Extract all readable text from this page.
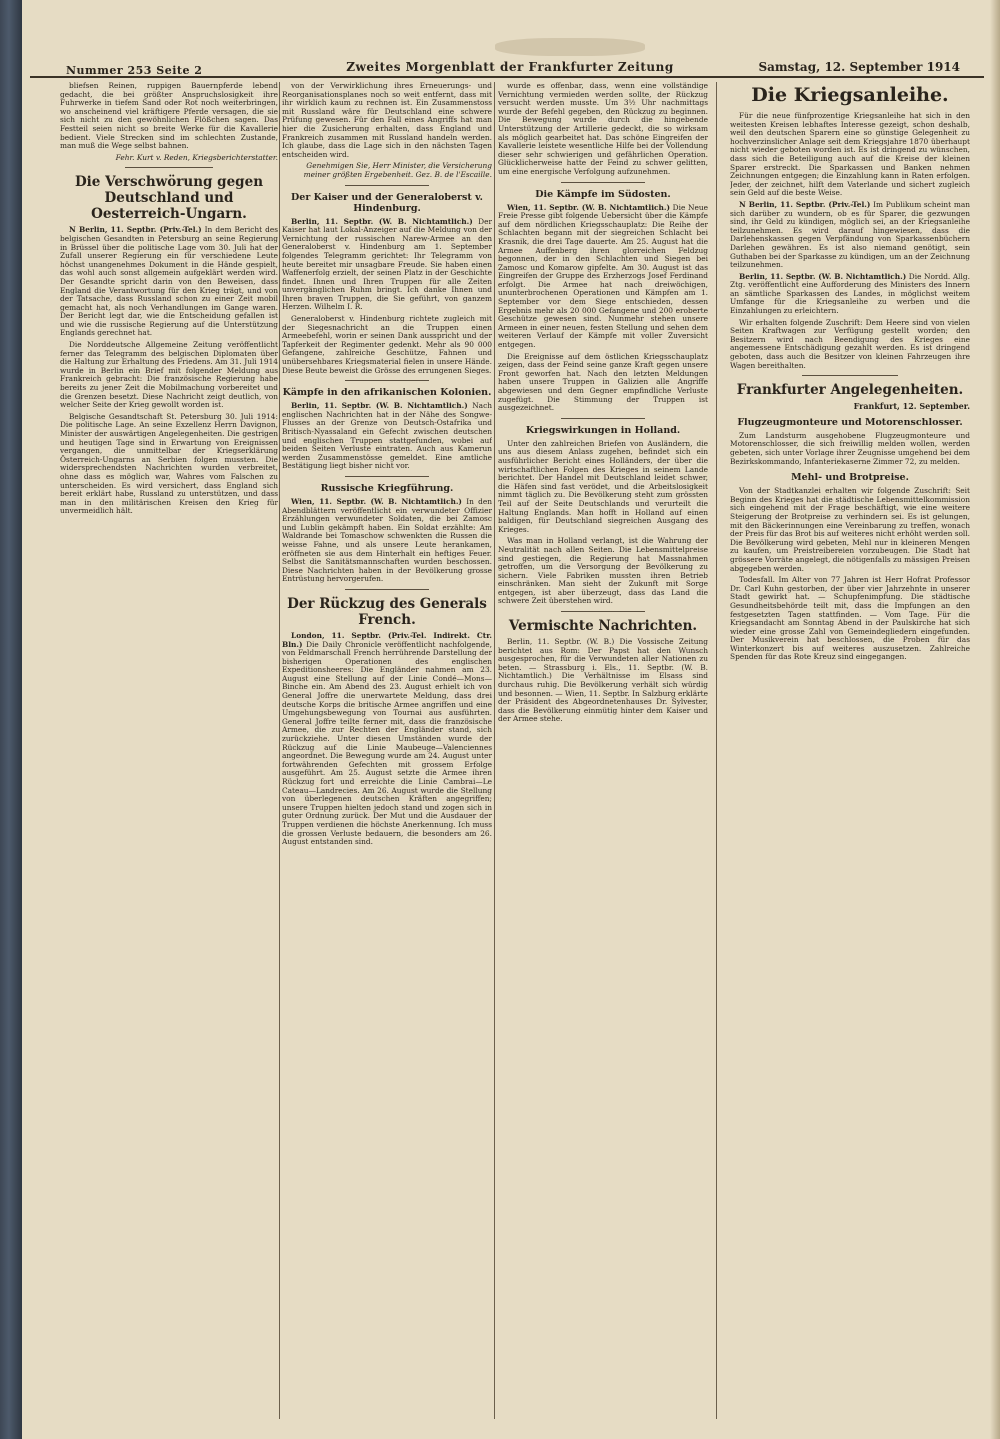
Nummer 253 Seite 2	Zweites Morgenblatt der Frankfurter Zeitung	Samstag, 12. September 1914

bliefsen Reinen, ruppigen Bauernpferde lebend gedacht, die bei größter Anspruchslosigkeit ihre Fuhrwerke in tiefem Sand oder Rot noch weiterbringen, wo anscheinend viel kräftigere Pferde versagen, die sie sich nicht zu den gewöhnlichen Flößchen sagen. Das Festteil seien nicht so breite Werke für die Kavallerie bedient. Viele Strecken sind im schlechten Zustande, man muß die Wege selbst bahnen.

Fehr. Kurt v. Reden, Kriegsberichterstatter.
Die Verschwörung gegen Deutschland und Oesterreich-Ungarn.

N Berlin, 11. Septbr. (Priv.-Tel.) In dem Bericht des belgischen Gesandten in Petersburg an seine Regierung in Brüssel über die politische Lage vom 30. Juli hat der Zufall unserer Regierung ein für verschiedene Leute höchst unangenehmes Dokument in die Hände gespielt, das wohl auch sonst allgemein aufgeklärt werden wird. Der Gesandte spricht darin von den Beweisen, dass England die Verantwortung für den Krieg trägt, und von der Tatsache, dass Russland schon zu einer Zeit mobil gemacht hat, als noch Verhandlungen im Gange waren. Der Bericht legt dar, wie die Entscheidung gefallen ist und wie die russische Regierung auf die Unterstützung Englands gerechnet hat.

Die Norddeutsche Allgemeine Zeitung veröffentlicht ferner das Telegramm des belgischen Diplomaten über die Haltung zur Erhaltung des Friedens. Am 31. Juli 1914 wurde in Berlin ein Brief mit folgender Meldung aus Frankreich gebracht: Die französische Regierung habe bereits zu jener Zeit die Mobilmachung vorbereitet und die Grenzen besetzt. Diese Nachricht zeigt deutlich, von welcher Seite der Krieg gewollt worden ist.

Belgische Gesandtschaft St. Petersburg 30. Juli 1914: Die politische Lage. An seine Exzellenz Herrn Davignon, Minister der auswärtigen Angelegenheiten. Die gestrigen und heutigen Tage sind in Erwartung von Ereignissen vergangen, die unmittelbar der Kriegserklärung Österreich-Ungarns an Serbien folgen mussten. Die widersprechendsten Nachrichten wurden verbreitet, ohne dass es möglich war, Wahres vom Falschen zu unterscheiden. Es wird versichert, dass England sich bereit erklärt habe, Russland zu unterstützen, und dass man in den militärischen Kreisen den Krieg für unvermeidlich hält.

von der Verwirklichung ihres Erneuerungs- und Reorganisationsplanes noch so weit entfernt, dass mit ihr wirklich kaum zu rechnen ist. Ein Zusammenstoss mit Russland wäre für Deutschland eine schwere Prüfung gewesen. Für den Fall eines Angriffs hat man hier die Zusicherung erhalten, dass England und Frankreich zusammen mit Russland handeln werden. Ich glaube, dass die Lage sich in den nächsten Tagen entscheiden wird.

Genehmigen Sie, Herr Minister, die Versicherung meiner größten Ergebenheit. Gez. B. de l'Escaille.
Der Kaiser und der Generaloberst v. Hindenburg.

Berlin, 11. Septbr. (W. B. Nichtamtlich.) Der Kaiser hat laut Lokal-Anzeiger auf die Meldung von der Vernichtung der russischen Narew-Armee an den Generaloberst v. Hindenburg am 1. September folgendes Telegramm gerichtet: Ihr Telegramm von heute bereitet mir unsagbare Freude. Sie haben einen Waffenerfolg erzielt, der seinen Platz in der Geschichte findet. Ihnen und Ihren Truppen für alle Zeiten unvergänglichen Ruhm bringt. Ich danke Ihnen und Ihren braven Truppen, die Sie geführt, von ganzem Herzen. Wilhelm I. R.

Generaloberst v. Hindenburg richtete zugleich mit der Siegesnachricht an die Truppen einen Armeebefehl, worin er seinen Dank ausspricht und der Tapferkeit der Regimenter gedenkt. Mehr als 90 000 Gefangene, zahlreiche Geschütze, Fahnen und unübersehbares Kriegsmaterial fielen in unsere Hände. Diese Beute beweist die Grösse des errungenen Sieges.

Kämpfe in den afrikanischen Kolonien.

Berlin, 11. Septbr. (W. B. Nichtamtlich.) Nach englischen Nachrichten hat in der Nähe des Songwe-Flusses an der Grenze von Deutsch-Ostafrika und Britisch-Nyassaland ein Gefecht zwischen deutschen und englischen Truppen stattgefunden, wobei auf beiden Seiten Verluste eintraten. Auch aus Kamerun werden Zusammenstösse gemeldet. Eine amtliche Bestätigung liegt bisher nicht vor.

Russische Kriegführung.

Wien, 11. Septbr. (W. B. Nichtamtlich.) In den Abendblättern veröffentlicht ein verwundeter Offizier Erzählungen verwundeter Soldaten, die bei Zamosc und Lublin gekämpft haben. Ein Soldat erzählte: Am Waldrande bei Tomaschow schwenkten die Russen die weisse Fahne, und als unsere Leute herankamen, eröffneten sie aus dem Hinterhalt ein heftiges Feuer. Selbst die Sanitätsmannschaften wurden beschossen. Diese Nachrichten haben in der Bevölkerung grosse Entrüstung hervorgerufen.

Der Rückzug des Generals French.

London, 11. Septbr. (Priv.-Tel. Indirekt. Ctr. Bln.) Die Daily Chronicle veröffentlicht nachfolgende, von Feldmarschall French herrührende Darstellung der bisherigen Operationen des englischen Expeditionsheeres: Die Engländer nahmen am 23. August eine Stellung auf der Linie Condé—Mons—Binche ein. Am Abend des 23. August erhielt ich von General Joffre die unerwartete Meldung, dass drei deutsche Korps die britische Armee angriffen und eine Umgehungsbewegung von Tournai aus ausführten. General Joffre teilte ferner mit, dass die französische Armee, die zur Rechten der Engländer stand, sich zurückziehe. Unter diesen Umständen wurde der Rückzug auf die Linie Maubeuge—Valenciennes angeordnet. Die Bewegung wurde am 24. August unter fortwährenden Gefechten mit grossem Erfolge ausgeführt. Am 25. August setzte die Armee ihren Rückzug fort und erreichte die Linie Cambrai—Le Cateau—Landrecies. Am 26. August wurde die Stellung von überlegenen deutschen Kräften angegriffen; unsere Truppen hielten jedoch stand und zogen sich in guter Ordnung zurück. Der Mut und die Ausdauer der Truppen verdienen die höchste Anerkennung. Ich muss die grossen Verluste bedauern, die besonders am 26. August entstanden sind.

wurde es offenbar, dass, wenn eine vollständige Vernichtung vermieden werden sollte, der Rückzug versucht werden musste. Um 3½ Uhr nachmittags wurde der Befehl gegeben, den Rückzug zu beginnen. Die Bewegung wurde durch die hingebende Unterstützung der Artillerie gedeckt, die so wirksam als möglich gearbeitet hat. Das schöne Eingreifen der Kavallerie leistete wesentliche Hilfe bei der Vollendung dieser sehr schwierigen und gefährlichen Operation. Glücklicherweise hatte der Feind zu schwer gelitten, um eine energische Verfolgung aufzunehmen.

Die Kämpfe im Südosten.

Wien, 11. Septbr. (W. B. Nichtamtlich.) Die Neue Freie Presse gibt folgende Uebersicht über die Kämpfe auf dem nördlichen Kriegsschauplatz: Die Reihe der Schlachten begann mit der siegreichen Schlacht bei Krasnik, die drei Tage dauerte. Am 25. August hat die Armee Auffenberg ihren glorreichen Feldzug begonnen, der in den Schlachten und Siegen bei Zamosc und Komarow gipfelte. Am 30. August ist das Eingreifen der Gruppe des Erzherzogs Josef Ferdinand erfolgt. Die Armee hat nach dreiwöchigen, ununterbrochenen Operationen und Kämpfen am 1. September vor dem Siege entschieden, dessen Ergebnis mehr als 20 000 Gefangene und 200 eroberte Geschütze gewesen sind. Nunmehr stehen unsere Armeen in einer neuen, festen Stellung und sehen dem weiteren Verlauf der Kämpfe mit voller Zuversicht entgegen.

Die Ereignisse auf dem östlichen Kriegsschauplatz zeigen, dass der Feind seine ganze Kraft gegen unsere Front geworfen hat. Nach den letzten Meldungen haben unsere Truppen in Galizien alle Angriffe abgewiesen und dem Gegner empfindliche Verluste zugefügt. Die Stimmung der Truppen ist ausgezeichnet.

Kriegswirkungen in Holland.

Unter den zahlreichen Briefen von Ausländern, die uns aus diesem Anlass zugehen, befindet sich ein ausführlicher Bericht eines Holländers, der über die wirtschaftlichen Folgen des Krieges in seinem Lande berichtet. Der Handel mit Deutschland leidet schwer, die Häfen sind fast verödet, und die Arbeitslosigkeit nimmt täglich zu. Die Bevölkerung steht zum grössten Teil auf der Seite Deutschlands und verurteilt die Haltung Englands. Man hofft in Holland auf einen baldigen, für Deutschland siegreichen Ausgang des Krieges.

Was man in Holland verlangt, ist die Wahrung der Neutralität nach allen Seiten. Die Lebensmittelpreise sind gestiegen, die Regierung hat Massnahmen getroffen, um die Versorgung der Bevölkerung zu sichern. Viele Fabriken mussten ihren Betrieb einschränken. Man sieht der Zukunft mit Sorge entgegen, ist aber überzeugt, dass das Land die schwere Zeit überstehen wird.

Vermischte Nachrichten.

Berlin, 11. Septbr. (W. B.) Die Vossische Zeitung berichtet aus Rom: Der Papst hat den Wunsch ausgesprochen, für die Verwundeten aller Nationen zu beten. — Strassburg i. Els., 11. Septbr. (W. B. Nichtamtlich.) Die Verhältnisse im Elsass sind durchaus ruhig. Die Bevölkerung verhält sich würdig und besonnen. — Wien, 11. Septbr. In Salzburg erklärte der Präsident des Abgeordnetenhauses Dr. Sylvester, dass die Bevölkerung einmütig hinter dem Kaiser und der Armee stehe.

Die Kriegsanleihe.

Für die neue fünfprozentige Kriegsanleihe hat sich in den weitesten Kreisen lebhaftes Interesse gezeigt, schon deshalb, weil den deutschen Sparern eine so günstige Gelegenheit zu hochverzinslicher Anlage seit dem Kriegsjahre 1870 überhaupt nicht wieder geboten worden ist. Es ist dringend zu wünschen, dass sich die Beteiligung auch auf die Kreise der kleinen Sparer erstreckt. Die Sparkassen und Banken nehmen Zeichnungen entgegen; die Einzahlung kann in Raten erfolgen. Jeder, der zeichnet, hilft dem Vaterlande und sichert zugleich sein Geld auf die beste Weise.

N Berlin, 11. Septbr. (Priv.-Tel.) Im Publikum scheint man sich darüber zu wundern, ob es für Sparer, die gezwungen sind, ihr Geld zu kündigen, möglich sei, an der Kriegsanleihe teilzunehmen. Es wird darauf hingewiesen, dass die Darlehenskassen gegen Verpfändung von Sparkassenbüchern Darlehen gewähren. Es ist also niemand genötigt, sein Guthaben bei der Sparkasse zu kündigen, um an der Zeichnung teilzunehmen.

Berlin, 11. Septbr. (W. B. Nichtamtlich.) Die Nordd. Allg. Ztg. veröffentlicht eine Aufforderung des Ministers des Innern an sämtliche Sparkassen des Landes, in möglichst weitem Umfange für die Kriegsanleihe zu werben und die Einzahlungen zu erleichtern.

Wir erhalten folgende Zuschrift: Dem Heere sind von vielen Seiten Kraftwagen zur Verfügung gestellt worden; den Besitzern wird nach Beendigung des Krieges eine angemessene Entschädigung gezahlt werden. Es ist dringend geboten, dass auch die Besitzer von kleinen Fahrzeugen ihre Wagen bereithalten.

Frankfurter Angelegenheiten.
Frankfurt, 12. September.
Flugzeugmonteure und Motorenschlosser.

Zum Landsturm ausgehobene Flugzeugmonteure und Motorenschlosser, die sich freiwillig melden wollen, werden gebeten, sich unter Vorlage ihrer Zeugnisse umgehend bei dem Bezirkskommando, Infanteriekaserne Zimmer 72, zu melden.

Mehl- und Brotpreise.

Von der Stadtkanzlei erhalten wir folgende Zuschrift: Seit Beginn des Krieges hat die städtische Lebensmittelkommission sich eingehend mit der Frage beschäftigt, wie eine weitere Steigerung der Brotpreise zu verhindern sei. Es ist gelungen, mit den Bäckerinnungen eine Vereinbarung zu treffen, wonach der Preis für das Brot bis auf weiteres nicht erhöht werden soll. Die Bevölkerung wird gebeten, Mehl nur in kleineren Mengen zu kaufen, um Preistreibereien vorzubeugen. Die Stadt hat grössere Vorräte angelegt, die nötigenfalls zu mässigen Preisen abgegeben werden.

Todesfall. Im Alter von 77 Jahren ist Herr Hofrat Professor Dr. Carl Kuhn gestorben, der über vier Jahrzehnte in unserer Stadt gewirkt hat. — Schupfenimpfung. Die städtische Gesundheitsbehörde teilt mit, dass die Impfungen an den festgesetzten Tagen stattfinden. — Vom Tage. Für die Kriegsandacht am Sonntag Abend in der Paulskirche hat sich wieder eine grosse Zahl von Gemeindegliedern eingefunden. Der Musikverein hat beschlossen, die Proben für das Winterkonzert bis auf weiteres auszusetzen. Zahlreiche Spenden für das Rote Kreuz sind eingegangen.
